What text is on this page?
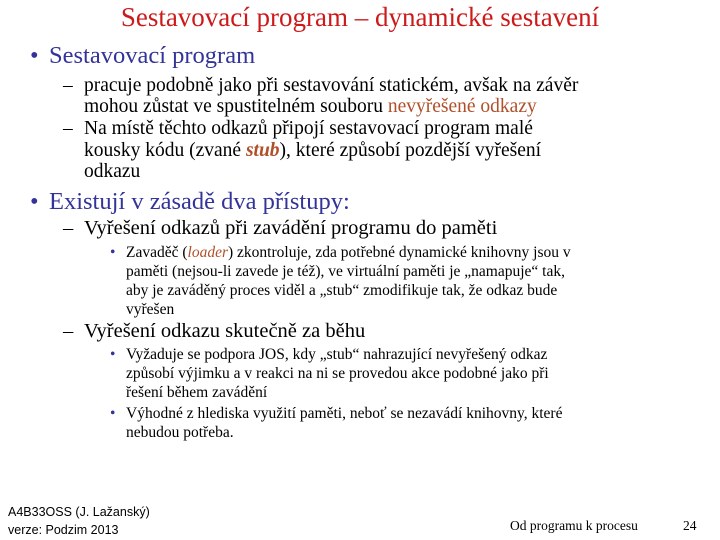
Sestavovací program – dynamické sestavení
• Sestavovací program
– pracuje podobně jako při sestavování statickém, avšak na závěr
mohou zůstat ve spustitelném souboru nevyřešené odkazy
– Na místě těchto odkazů připojí sestavovací program malé
kousky kódu (zvané stub), které způsobí pozdější vyřešení
odkazu
• Existují v zásadě dva přístupy:
– Vyřešení odkazů při zavádění programu do paměti
• Zavaděč (loader) zkontroluje, zda potřebné dynamické knihovny jsou v
paměti (nejsou-li zavede je též), ve virtuální paměti je „namapuje“ tak,
aby je zaváděný proces viděl a „stub“ zmodifikuje tak, že odkaz bude
vyřešen
– Vyřešení odkazu skutečně za běhu
• Vyžaduje se podpora JOS, kdy „stub“ nahrazující nevyřešený odkaz
způsobí výjimku a v reakci na ni se provedou akce podobné jako při
řešení během zavádění
• Výhodné z hlediska využití paměti, neboť se nezavádí knihovny, které
nebudou potřeba.
A4B33OSS (J. Lažanský)
verze: Podzim 2013	Od programu k procesu	24
